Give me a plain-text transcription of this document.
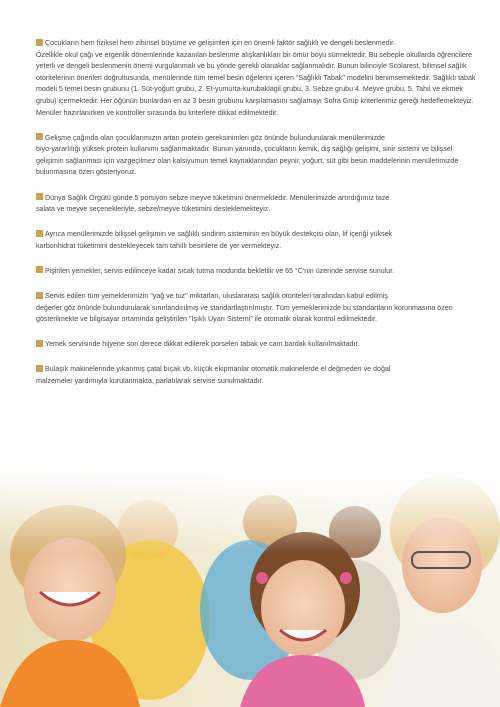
Çocukların hem fiziksel hem zihinsel büyüme ve gelişimleri için en önemli faktör sağlıklı ve dengeli beslenmedir.
Özellikle okul çağı ve ergenlik dönemlerinde kazanılan beslenme alışkanlıkları bir ömür boyu sürmektedir. Bu sebeple okullarda öğrencilere yeterli ve dengeli beslenmenin önemi vurgulanmalı ve bu yönde gerekli olanaklar sağlanmalıdır. Bunun bilinciyle Scolarest, bilimsel sağlık otoritelerinin önerileri doğrultusunda, menülerinde tüm temel besin öğelerini içeren "Sağlıklı Tabak" modelini benimsemektedir. Sağlıklı tabak modeli 5 temel besin grubunu (1. Süt-yoğurt grubu, 2. Et-yumurta-kurubaklagil grubu, 3. Sebze grubu 4. Meyve grubu, 5. Tahıl ve ekmek grubu) içermektedir. Her öğünün bunlardan en az 3 besin grubunu karşılamasını sağlamayı Sofra Grup kriterlerimiz gereği hedeflemekteyiz. Menüler hazırlanırken ve kontroller sırasında bu kriterlere dikkat edilmektedir.

Gelişme çağında olan çocuklarımızın artan protein gereksinimleri göz önünde bulundurularak menülerimizde
biyo-yararlılığı yüksek protein kullanımı sağlanmaktadır. Bunun yanında, çocukların kemik, diş sağlığı gelişimi, sinir sistemi ve bilişsel gelişimin sağlanması için vazgeçilmez olan kalsiyumun temel kaynaklarından peynir, yoğurt, süt gibi besin maddelerinin menülerimizde bulunmasına özen gösteriyoruz.

Dünya Sağlık Örgütü günde 5 porsiyon sebze meyve tüketimini önermektedir. Menülerimizde artırdığımız taze
salata ve meyve seçenekleriyle, sebze/meyve tüketimini desteklemekteyiz.

Ayrıca menülerimizde bilişsel gelişimin ve sağlıklı sindirim sisteminin en büyük destekçisi olan, lif içeriği yüksek
karbonhidrat tüketimini destekleyecek tam tahıllı besinlere de yer vermekteyiz.

Pişirilen yemekler, servis edilinceye kadar sıcak tutma modunda bekletilir ve 65 °C'nin üzerinde servise sunulur.

Servis edilen tüm yemeklerimizin "yağ ve tuz" miktarları, uluslararası sağlık otoriteleri tarafından kabul edilmiş
değerler göz önünde bulundurularak sınırlandırılmış ve standartlaştırılmıştır. Tüm yemeklerimizde bu standartların korunmasına özen gösterilmekte ve bilgisayar ortamında geliştirilen "Işıklı Uyarı Sistemi" ile otomatik olarak kontrol edilmektedir.

Yemek servisinde hijyene son derece dikkat edilerek porselen tabak ve cam bardak kullanılmaktadır.

Bulaşık makinelerinde yıkanmış çatal bıçak vb. küçük ekipmanlar otomatik makinelerde el değmeden ve doğal
malzemeler yardımıyla kurulanmakta, parlatılarak servise sunulmaktadır.
